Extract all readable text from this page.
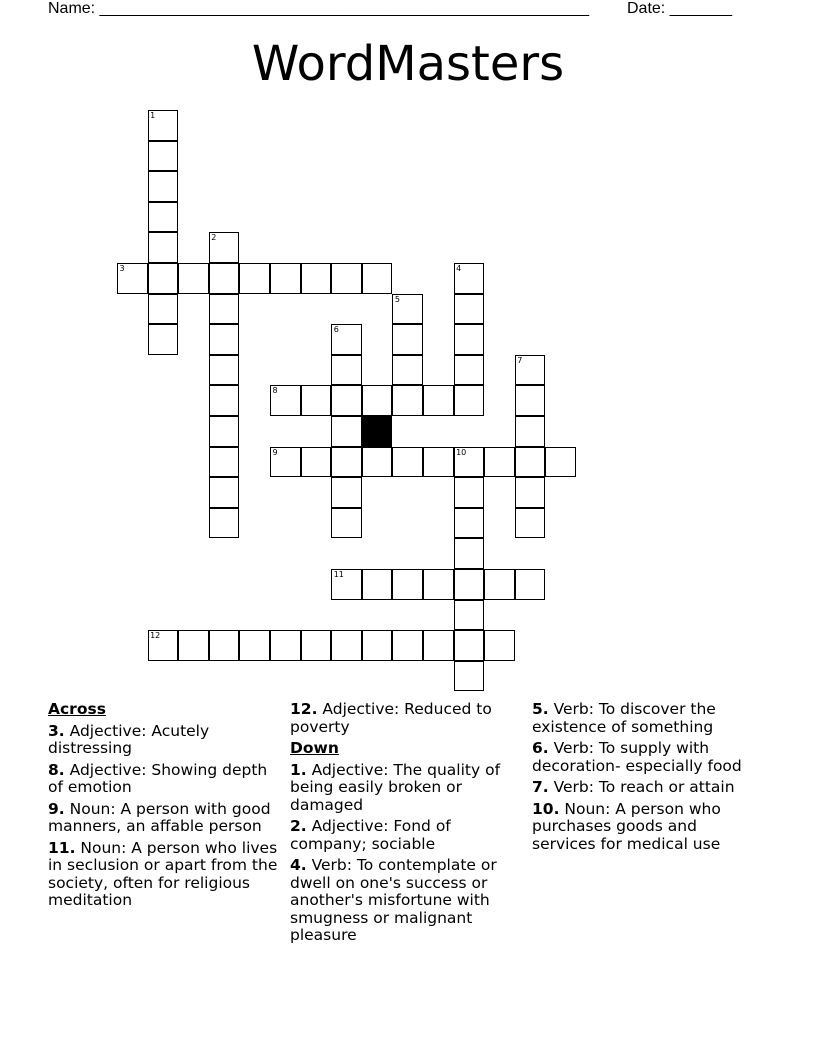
Name: _______________________________________________________ Date: _______
WordMasters
1
2
3	4
5
6
7
8
9	10
11
12
Across
3. Adjective: Acutely distressing
8. Adjective: Showing depth of emotion
9. Noun: A person with good manners, an affable person
11. Noun: A person who lives in seclusion or apart from the society, often for religious meditation
12. Adjective: Reduced to poverty
Down
1. Adjective: The quality of being easily broken or damaged
2. Adjective: Fond of company; sociable
4. Verb: To contemplate or dwell on one's success or another's misfortune with smugness or malignant pleasure
5. Verb: To discover the existence of something
6. Verb: To supply with decoration- especially food
7. Verb: To reach or attain
10. Noun: A person who purchases goods and services for medical use
